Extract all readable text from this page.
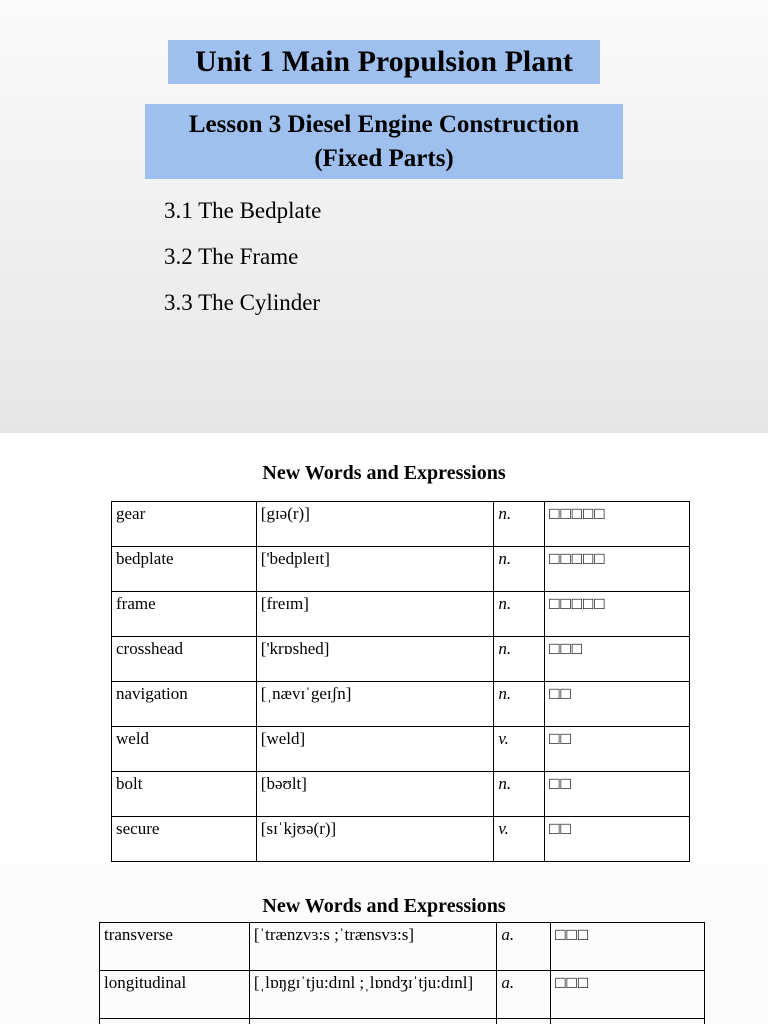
Unit 1 Main Propulsion Plant
Lesson 3 Diesel Engine Construction
(Fixed Parts)
3.1 The Bedplate
3.2 The Frame
3.3 The Cylinder
New Words and Expressions
gear	[gɪə(r)]	n.	□□□□□
bedplate	['bedpleɪt]	n.	□□□□□
frame	[freɪm]	n.	□□□□□
crosshead	['krɒshed]	n.	□□□
navigation	[ˌnævɪˈgeɪʃn]	n.	□□
weld	[weld]	v.	□□
bolt	[bəʊlt]	n.	□□
secure	[sɪˈkjʊə(r)]	v.	□□
New Words and Expressions
transverse	[ˈtrænzvɜ:s ;ˈtrænsvɜ:s]	a.	□□□
longitudinal	[ˌlɒŋgɪˈtju:dɪnl ;ˌlɒndʒɪˈtju:dɪnl]	a.	□□□
